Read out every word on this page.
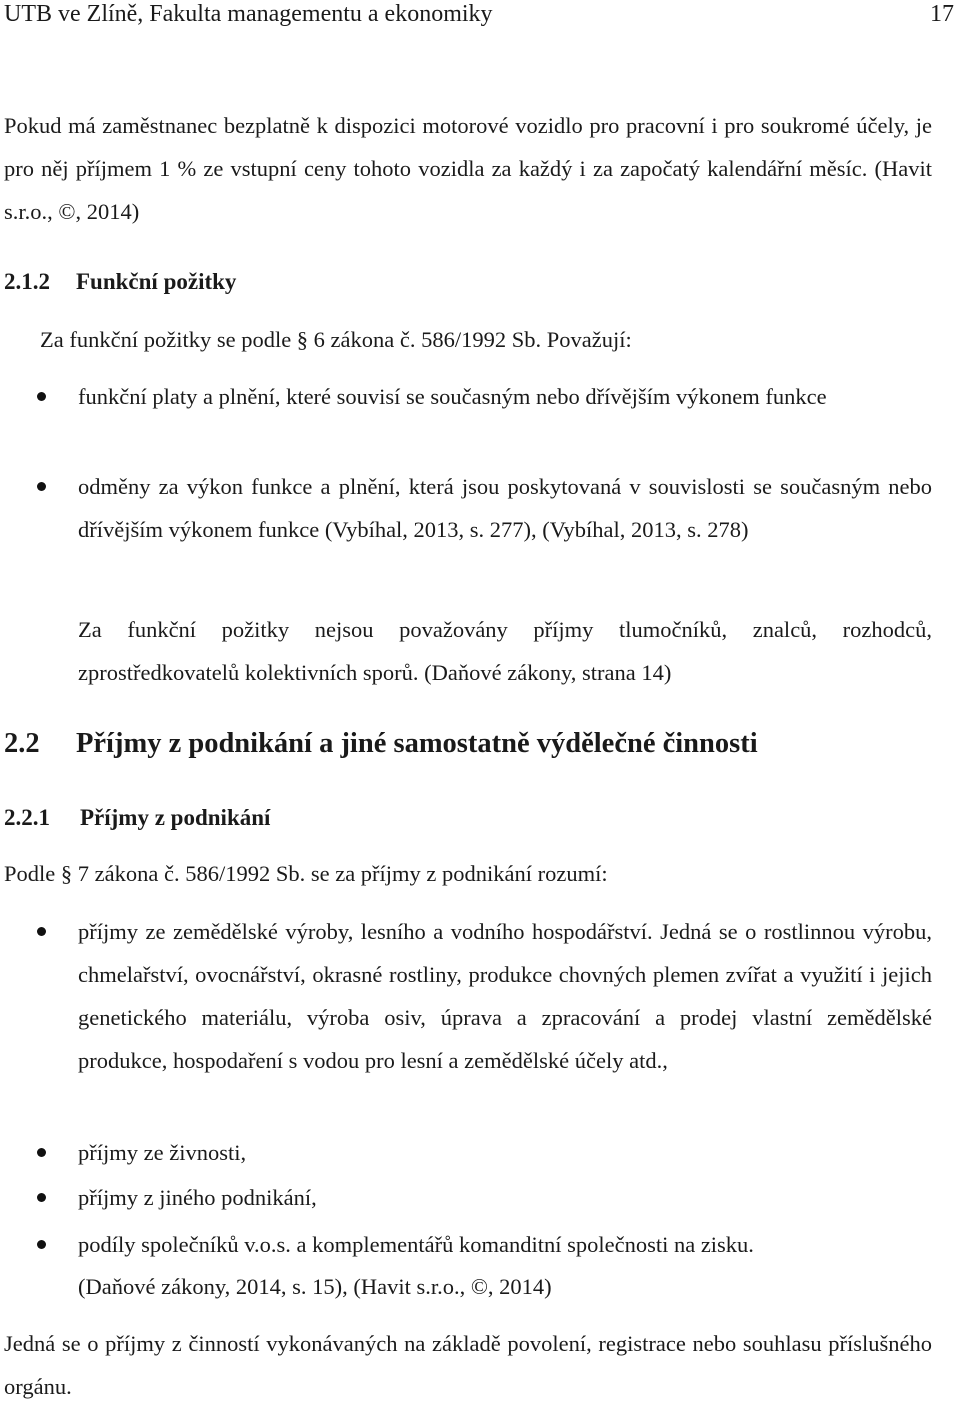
UTB ve Zlíně, Fakulta managementu a ekonomiky	17

Pokud má zaměstnanec bezplatně k dispozici motorové vozidlo pro pracovní i pro soukromé účely, je pro něj příjmem 1 % ze vstupní ceny tohoto vozidla za každý i za započatý kalendářní měsíc. (Havit s.r.o., ©, 2014)

2.1.2 Funkční požitky

Za funkční požitky se podle § 6 zákona č. 586/1992 Sb. Považují:

funkční platy a plnění, které souvisí se současným nebo dřívějším výkonem funkce

odměny za výkon funkce a plnění, která jsou poskytovaná v souvislosti se současným nebo dřívějším výkonem funkce (Vybíhal, 2013, s. 277), (Vybíhal, 2013, s. 278)

Za funkční požitky nejsou považovány příjmy tlumočníků, znalců, rozhodců, zprostředkovatelů kolektivních sporů. (Daňové zákony, strana 14)

2.2 Příjmy z podnikání a jiné samostatně výdělečné činnosti
2.2.1 Příjmy z podnikání

Podle § 7 zákona č. 586/1992 Sb. se za příjmy z podnikání rozumí:

příjmy ze zemědělské výroby, lesního a vodního hospodářství. Jedná se o rostlinnou výrobu, chmelařství, ovocnářství, okrasné rostliny, produkce chovných plemen zvířat a využití i jejich genetického materiálu, výroba osiv, úprava a zpracování a prodej vlastní zemědělské produkce, hospodaření s vodou pro lesní a zemědělské účely atd.,

příjmy ze živnosti,

příjmy z jiného podnikání,

podíly společníků v.o.s. a komplementářů komanditní společnosti na zisku.

(Daňové zákony, 2014, s. 15), (Havit s.r.o., ©, 2014)

Jedná se o příjmy z činností vykonávaných na základě povolení, registrace nebo souhlasu příslušného orgánu.
